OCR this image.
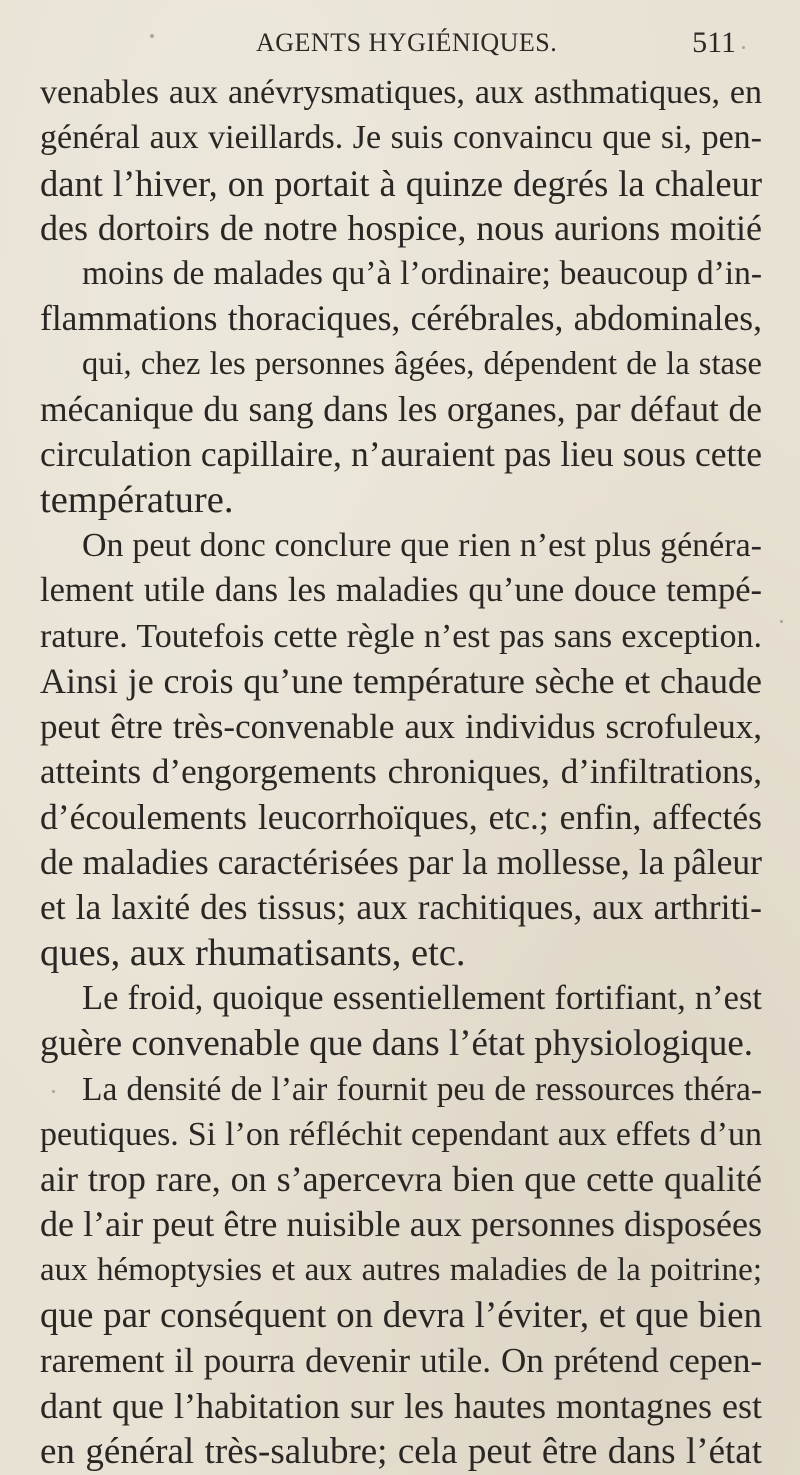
AGENTS HYGIÉNIQUES.	511
venables aux anévrysmatiques, aux asthmatiques, en
général aux vieillards. Je suis convaincu que si, pen-
dant l’hiver, on portait à quinze degrés la chaleur
des dortoirs de notre hospice, nous aurions moitié
moins de malades qu’à l’ordinaire; beaucoup d’in-
flammations thoraciques, cérébrales, abdominales,
qui, chez les personnes âgées, dépendent de la stase
mécanique du sang dans les organes, par défaut de
circulation capillaire, n’auraient pas lieu sous cette
température.
On peut donc conclure que rien n’est plus généra-
lement utile dans les maladies qu’une douce tempé-
rature. Toutefois cette règle n’est pas sans exception.
Ainsi je crois qu’une température sèche et chaude
peut être très-convenable aux individus scrofuleux,
atteints d’engorgements chroniques, d’infiltrations,
d’écoulements leucorrhoïques, etc.; enfin, affectés
de maladies caractérisées par la mollesse, la pâleur
et la laxité des tissus; aux rachitiques, aux arthriti-
ques, aux rhumatisants, etc.
Le froid, quoique essentiellement fortifiant, n’est
guère convenable que dans l’état physiologique.
La densité de l’air fournit peu de ressources théra-
peutiques. Si l’on réfléchit cependant aux effets d’un
air trop rare, on s’apercevra bien que cette qualité
de l’air peut être nuisible aux personnes disposées
aux hémoptysies et aux autres maladies de la poitrine;
que par conséquent on devra l’éviter, et que bien
rarement il pourra devenir utile. On prétend cepen-
dant que l’habitation sur les hautes montagnes est
en général très-salubre; cela peut être dans l’état
